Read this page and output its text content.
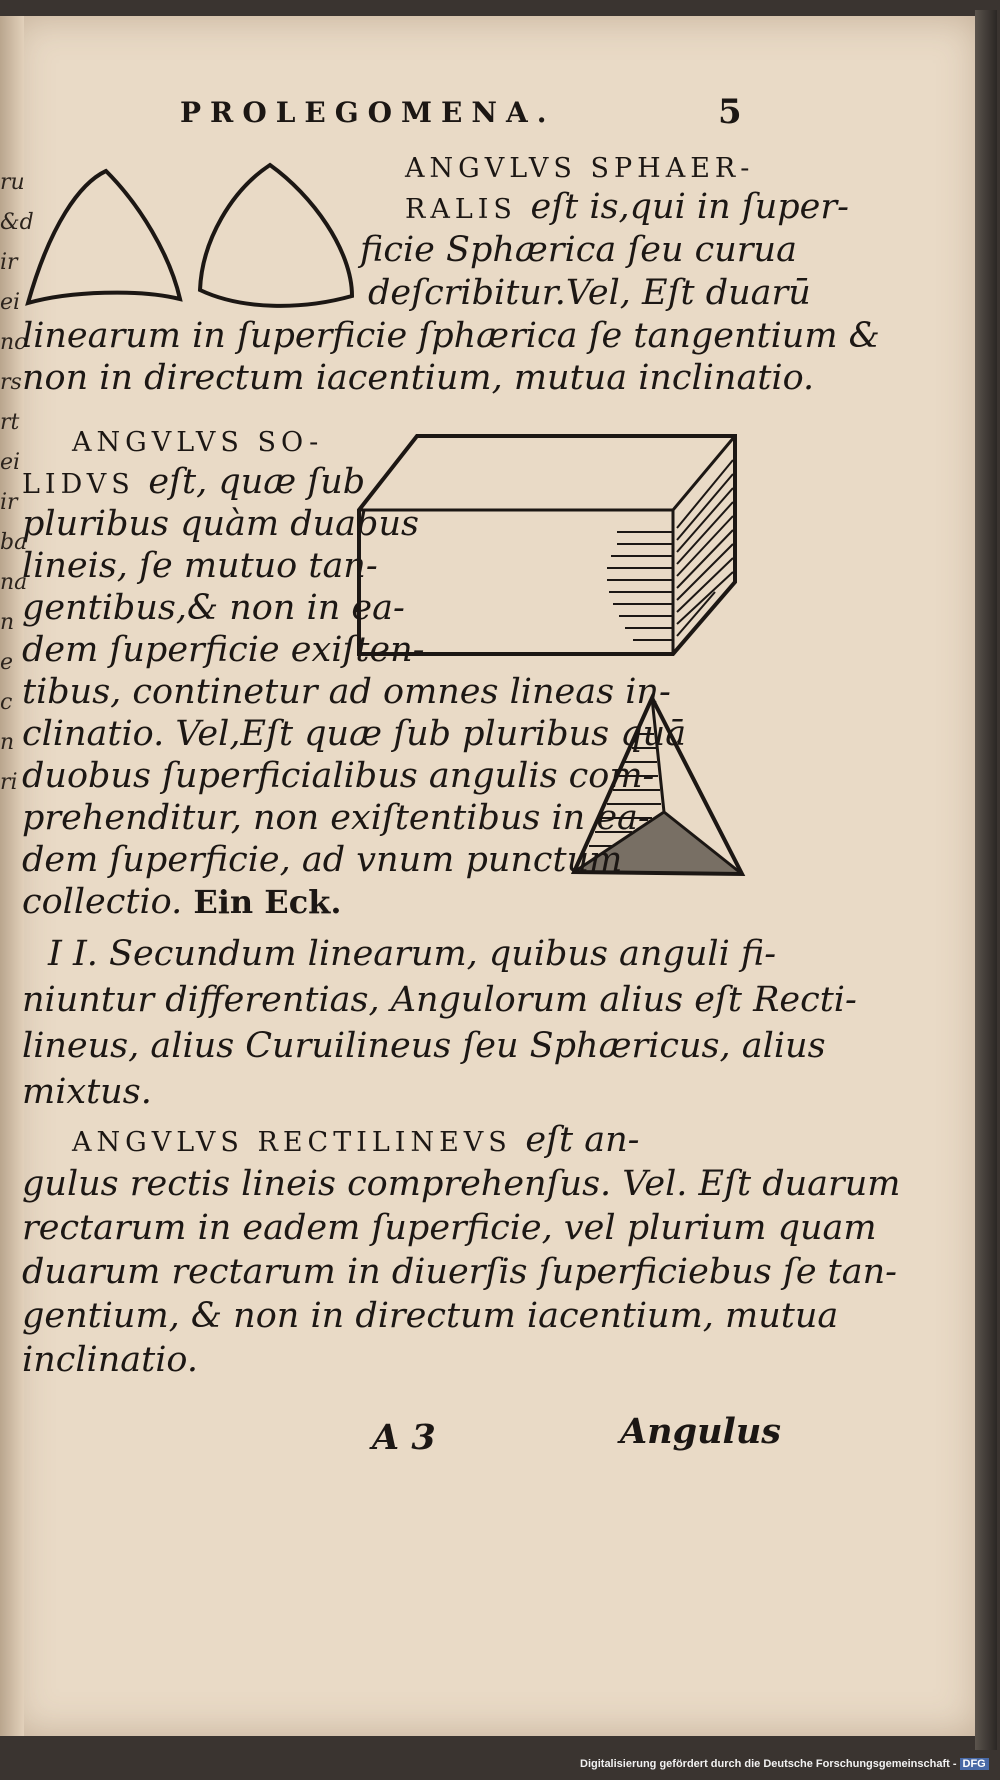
PROLEGOMENA.	5
ru
&d
ir
ei
nc
rs
rt
ei
ir
ba
na
n
e
c
n
ri
ANGVLVS SPHAER-
RALIS eſt is,qui in ſuper-
ficie Sphærica ſeu curua
deſcribitur.Vel, Eſt duarū
linearum in ſuperficie ſphærica ſe tangentium &
non in directum iacentium, mutua inclinatio.
ANGVLVS SO-
LIDVS eſt, quæ ſub
pluribus quàm duabus
lineis, ſe mutuo tan-
gentibus,& non in ea-
dem ſuperficie exiſten-
tibus, continetur ad omnes lineas in-
clinatio. Vel,Eſt quæ ſub pluribus quā
duobus ſuperficialibus angulis com-
prehenditur, non exiſtentibus in ea-
dem ſuperficie, ad vnum punctum
collectio. Ein Eck.
I I. Secundum linearum, quibus anguli fi-
niuntur differentias, Angulorum alius eſt Recti-
lineus, alius Curuilineus ſeu Sphæricus, alius
mixtus.
ANGVLVS RECTILINEVS eſt an-
gulus rectis lineis comprehenſus. Vel. Eſt duarum
rectarum in eadem ſuperficie, vel plurium quam
duarum rectarum in diuerſis ſuperficiebus ſe tan-
gentium, & non in directum iacentium, mutua
inclinatio.
A 3	Angulus
Digitalisierung gefördert durch die Deutsche Forschungsgemeinschaft - DFG
